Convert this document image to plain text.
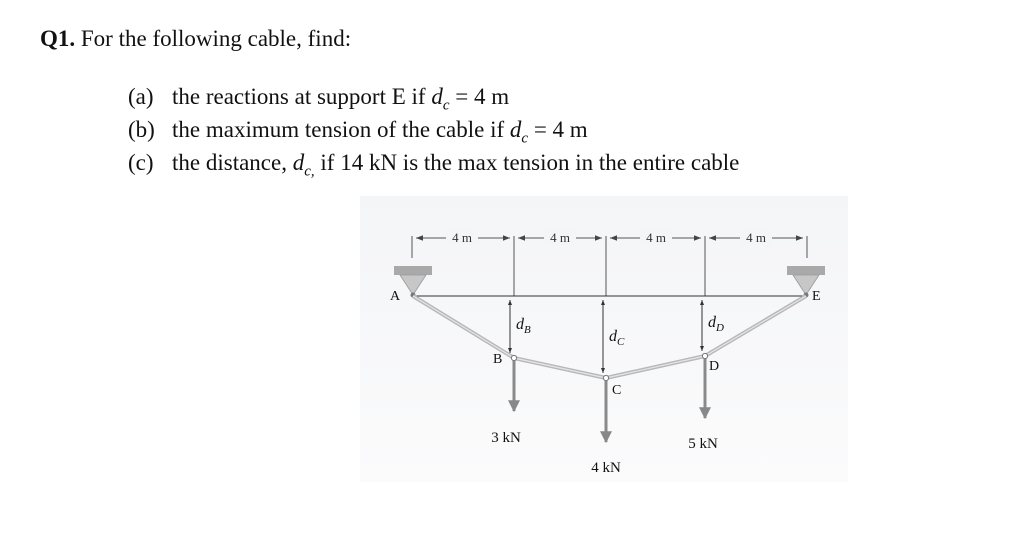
Q1. For the following cable, find:
(a) the reactions at support E if $d_c = 4$ m
(b) the maximum tension of the cable if $d_c = 4$ m
(c) the distance, $d_{c,}$ if 14 kN is the max tension in the entire cable
4 m	4 m	4 m	4 m
A	E
B
C
D
$d_B$	$d_C$
$d_D$
3 kN
4 kN
5 kN
